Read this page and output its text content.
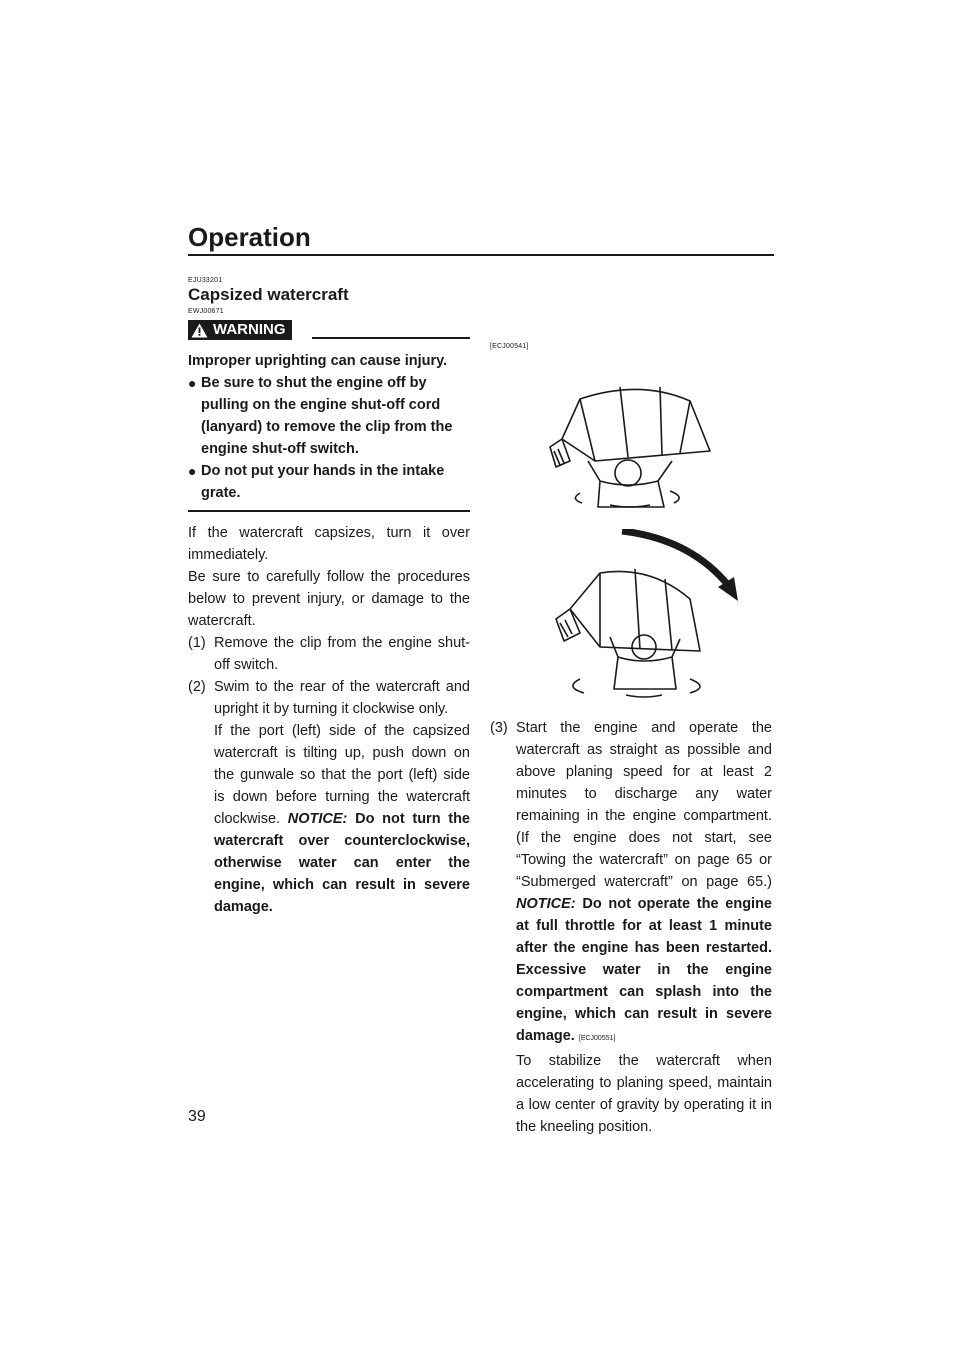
Operation
EJU33201
Capsized watercraft
EWJ00671
WARNING
Improper uprighting can cause injury.
● Be sure to shut the engine off by pulling on the engine shut-off cord (lanyard) to remove the clip from the engine shut-off switch.
● Do not put your hands in the intake grate.

If the watercraft capsizes, turn it over immediately.

Be sure to carefully follow the procedures below to prevent injury, or damage to the watercraft.

(1) Remove the clip from the engine shut-off switch.
(2) Swim to the rear of the watercraft and upright it by turning it clockwise only.
If the port (left) side of the capsized watercraft is tilting up, push down on the gunwale so that the port (left) side is down before turning the watercraft clockwise. NOTICE: Do not turn the watercraft over counterclockwise, otherwise water can enter the engine, which can result in severe damage.
[ECJ00541]
(3) Start the engine and operate the watercraft as straight as possible and above planing speed for at least 2 minutes to discharge any water remaining in the engine compartment. (If the engine does not start, see “Towing the watercraft” on page 65 or “Submerged watercraft” on page 65.) NOTICE: Do not operate the engine at full throttle for at least 1 minute after the engine has been restarted. Excessive water in the engine compartment can splash into the engine, which can result in severe damage. [ECJ00551]
To stabilize the watercraft when accelerating to planing speed, maintain a low center of gravity by operating it in the kneeling position.
39
